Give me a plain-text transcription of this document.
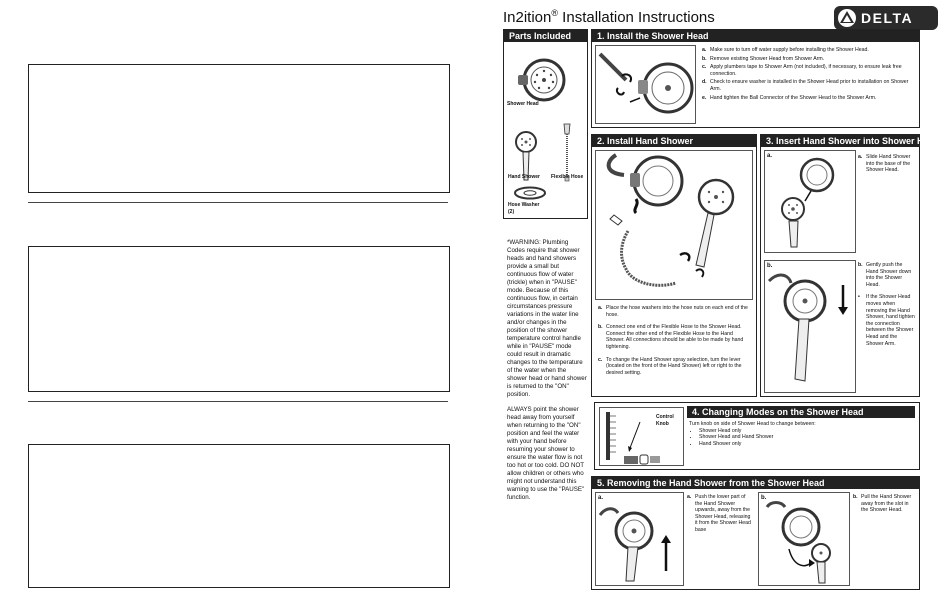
In2ition® Installation Instructions	DELTA
Parts Included
Shower Head
Hand Shower Flexible Hose
Hose Washer
(2)

*WARNING: Plumbing Codes require that shower heads and hand showers provide a small but continuous flow of water (trickle) when in "PAUSE" mode. Because of this continuous flow, in certain circumstances pressure variations in the water line and/or changes in the position of the shower temperature control handle while in "PAUSE" mode could result in dramatic changes to the temperature of the water when the shower head or hand shower is returned to the "ON" position.

ALWAYS point the shower head away from yourself when returning to the "ON" position and feel the water with your hand before resuming your shower to ensure the water flow is not too hot or too cold. DO NOT allow children or others who might not understand this warning to use the "PAUSE" function.

1. Install the Shower Head
a. Make sure to turn off water supply before installing the Shower Head.
b. Remove existing Shower Head from Shower Arm.
c. Apply plumbers tape to Shower Arm (not included), if necessary, to ensure leak free connection.
d. Check to ensure washer is installed in the Shower Head prior to installation on Shower Arm.
e. Hand tighten the Ball Connector of the Shower Head to the Shower Arm.
2. Install Hand Shower
a. Place the hose washers into the hose nuts on each end of the hose.
b. Connect one end of the Flexible Hose to the Shower Head. Connect the other end of the Flexible Hose to the Hand Shower. All connections should be able to be made by hand tightening.
c. To change the Hand Shower spray selection, turn the lever (located on the front of the Hand Shower) left or right to the desired setting.
3. Insert Hand Shower into Shower Head
a.	a. Slide Hand Shower into the base of the Shower Head.
b.	b. Gently push the Hand Shower down into the Shower Head.
•	If the Shower Head moves when removing the Hand Shower, hand tighten the connection between the Shower Head and the Shower Arm.
Control Knob
4. Changing Modes on the Shower Head
Turn knob on side of Shower Head to change between:
• Shower Head only
• Shower Head and Hand Shower
• Hand Shower only
5. Removing the Hand Shower from the Shower Head
a.	a. Push the lower part of the Hand Shower upwards, away from the Shower Head, releasing it from the Shower Head base
b.	b. Pull the Hand Shower away from the slot in the Shower Head.
